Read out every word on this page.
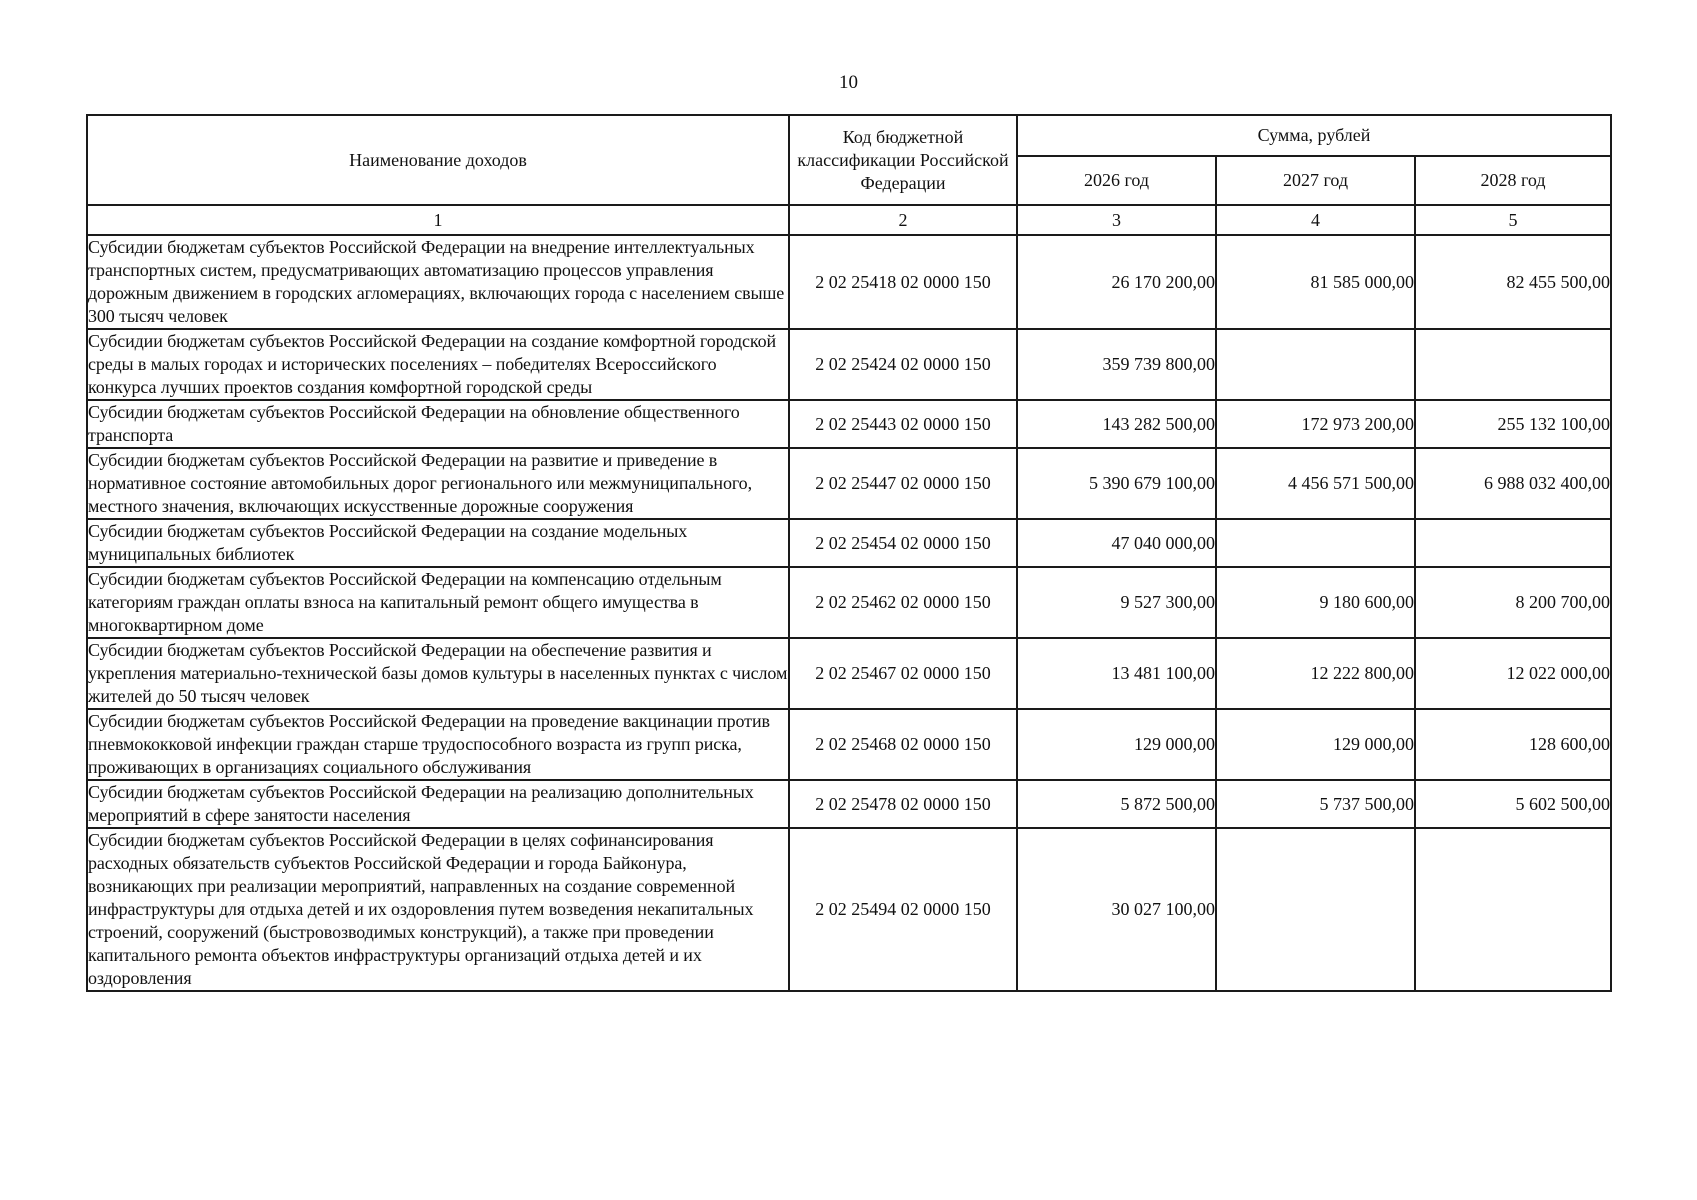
10
Наименование доходов	Код бюджетной классификации Российской Федерации	Сумма, рублей		
		2026 год	2027 год	2028 год
1	2	3	4	5
Субсидии бюджетам субъектов Российской Федерации на внедрение интеллектуальных транспортных систем, предусматривающих автоматизацию процессов управления дорожным движением в городских агломерациях, включающих города с населением свыше 300 тысяч человек	2 02 25418 02 0000 150	26 170 200,00	81 585 000,00	82 455 500,00
Субсидии бюджетам субъектов Российской Федерации на создание комфортной городской среды в малых городах и исторических поселениях – победителях Всероссийского конкурса лучших проектов создания комфортной городской среды	2 02 25424 02 0000 150	359 739 800,00		
Субсидии бюджетам субъектов Российской Федерации на обновление общественного транспорта	2 02 25443 02 0000 150	143 282 500,00	172 973 200,00	255 132 100,00
Субсидии бюджетам субъектов Российской Федерации на развитие и приведение в нормативное состояние автомобильных дорог регионального или межмуниципального, местного значения, включающих искусственные дорожные сооружения	2 02 25447 02 0000 150	5 390 679 100,00	4 456 571 500,00	6 988 032 400,00
Субсидии бюджетам субъектов Российской Федерации на создание модельных муниципальных библиотек	2 02 25454 02 0000 150	47 040 000,00		
Субсидии бюджетам субъектов Российской Федерации на компенсацию отдельным категориям граждан оплаты взноса на капитальный ремонт общего имущества в многоквартирном доме	2 02 25462 02 0000 150	9 527 300,00	9 180 600,00	8 200 700,00
Субсидии бюджетам субъектов Российской Федерации на обеспечение развития и укрепления материально-технической базы домов культуры в населенных пунктах с числом жителей до 50 тысяч человек	2 02 25467 02 0000 150	13 481 100,00	12 222 800,00	12 022 000,00
Субсидии бюджетам субъектов Российской Федерации на проведение вакцинации против пневмококковой инфекции граждан старше трудоспособного возраста из групп риска, проживающих в организациях социального обслуживания	2 02 25468 02 0000 150	129 000,00	129 000,00	128 600,00
Субсидии бюджетам субъектов Российской Федерации на реализацию дополнительных мероприятий в сфере занятости населения	2 02 25478 02 0000 150	5 872 500,00	5 737 500,00	5 602 500,00
Субсидии бюджетам субъектов Российской Федерации в целях софинансирования расходных обязательств субъектов Российской Федерации и города Байконура, возникающих при реализации мероприятий, направленных на создание современной инфраструктуры для отдыха детей и их оздоровления путем возведения некапитальных строений, сооружений (быстровозводимых конструкций), а также при проведении капитального ремонта объектов инфраструктуры организаций отдыха детей и их оздоровления	2 02 25494 02 0000 150	30 027 100,00		
